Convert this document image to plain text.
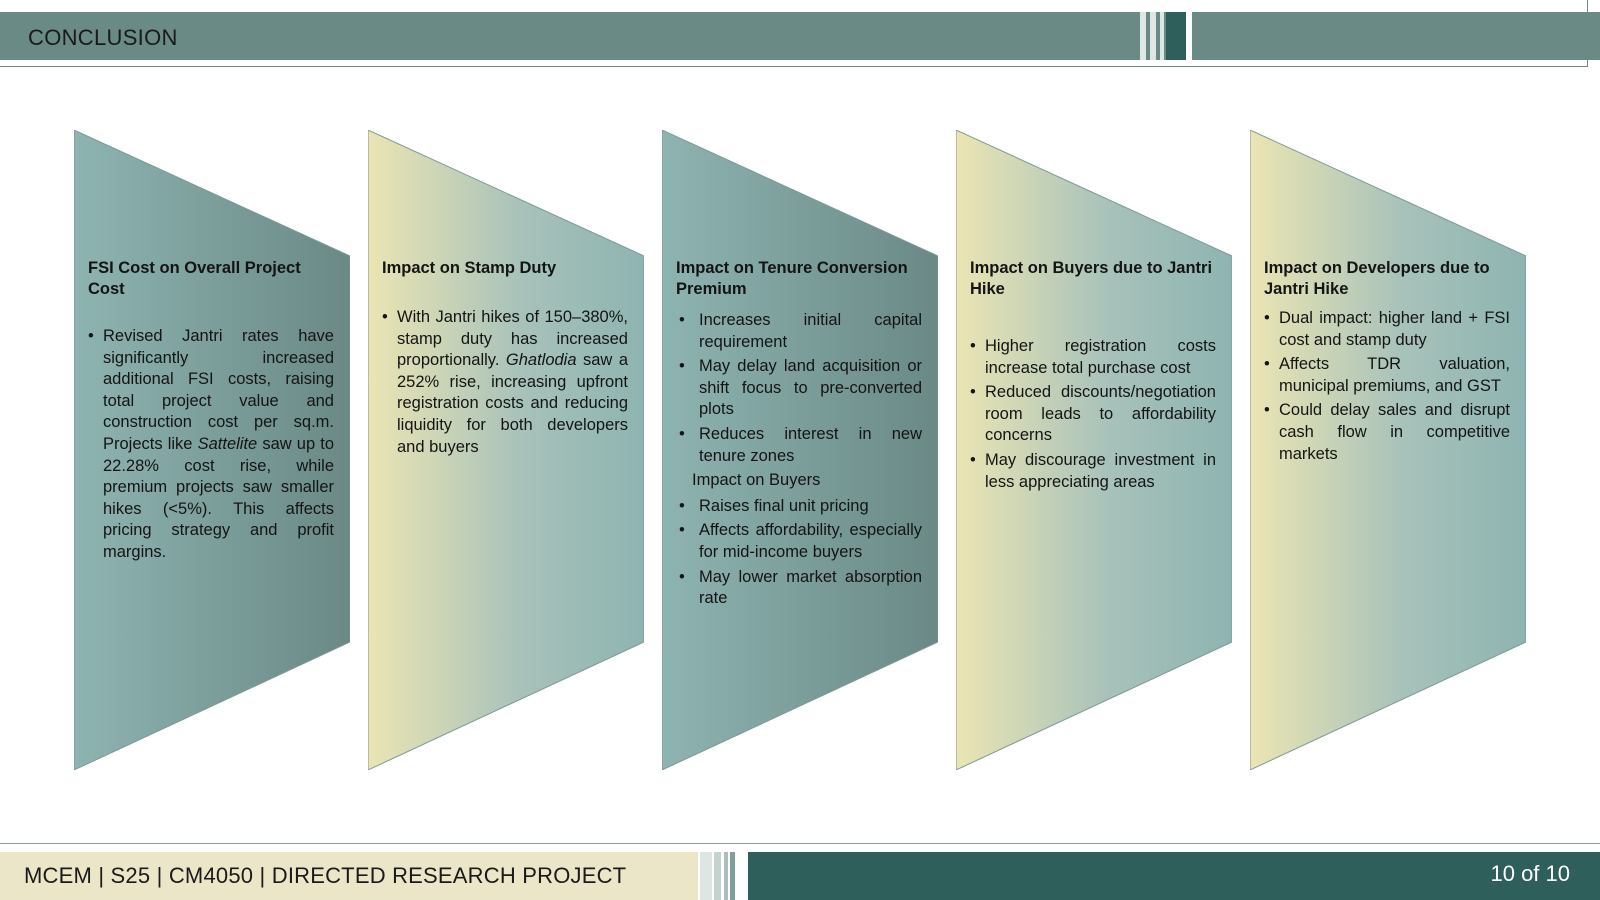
CONCLUSION
FSI Cost on Overall Project Cost
• Revised Jantri rates have significantly increased additional FSI costs, raising total project value and construction cost per sq.m. Projects like Sattelite saw up to 22.28% cost rise, while premium projects saw smaller hikes (<5%). This affects pricing strategy and profit margins.
Impact on Stamp Duty
• With Jantri hikes of 150–380%, stamp duty has increased proportionally. Ghatlodia saw a 252% rise, increasing upfront registration costs and reducing liquidity for both developers and buyers
Impact on Tenure Conversion Premium
• Increases initial capital requirement
• May delay land acquisition or shift focus to pre-converted plots
• Reduces interest in new tenure zones
Impact on Buyers
• Raises final unit pricing
• Affects affordability, especially for mid-income buyers
• May lower market absorption rate
Impact on Buyers due to Jantri Hike
• Higher registration costs increase total purchase cost
• Reduced discounts/negotiation room leads to affordability concerns
• May discourage investment in less appreciating areas
Impact on Developers due to Jantri Hike
• Dual impact: higher land + FSI cost and stamp duty
• Affects TDR valuation, municipal premiums, and GST
• Could delay sales and disrupt cash flow in competitive markets
MCEM | S25 | CM4050 | DIRECTED RESEARCH PROJECT	10 of 10
